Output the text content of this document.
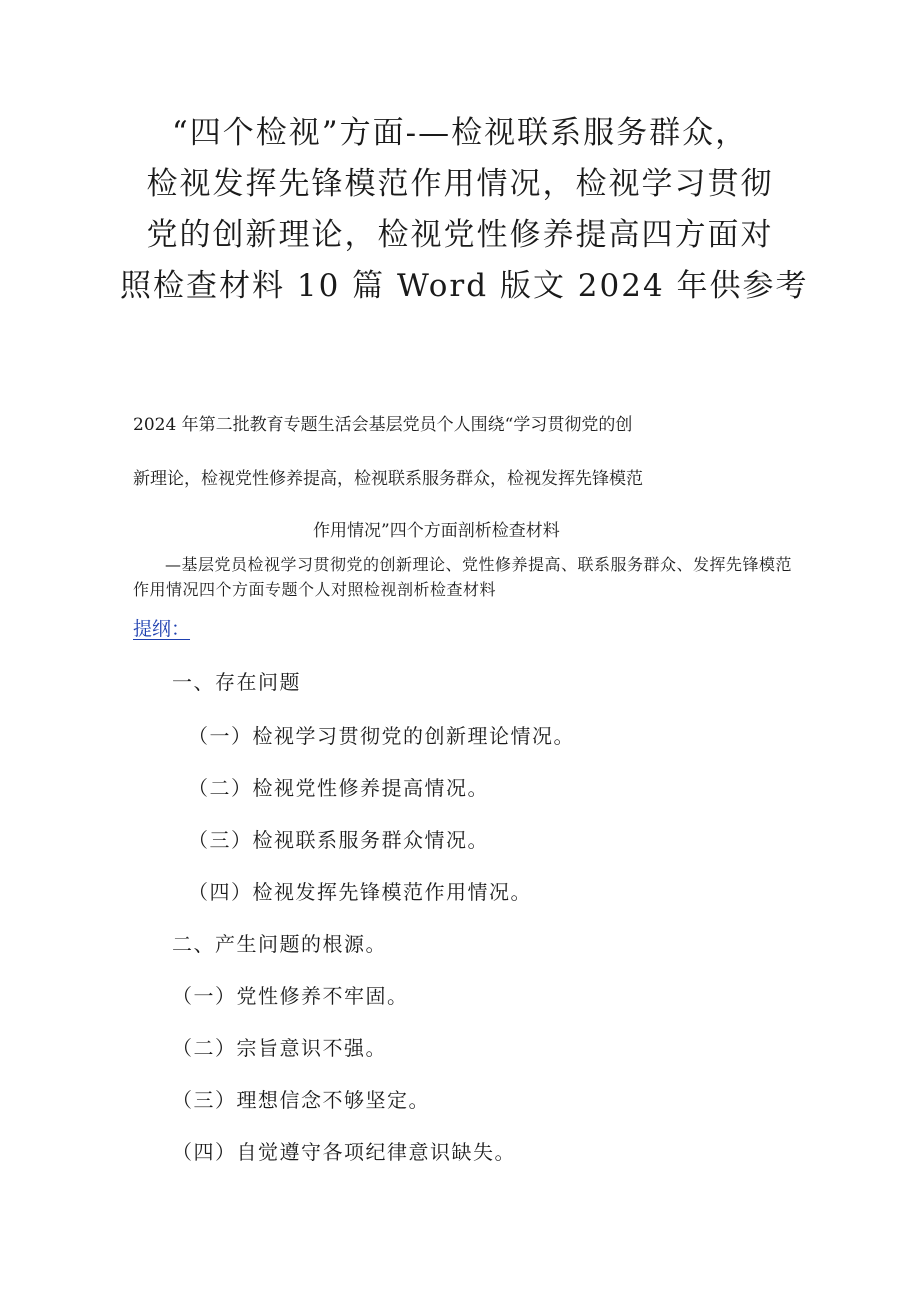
“四个检视”方面-—检视联系服务群众，
检视发挥先锋模范作用情况，检视学习贯彻
党的创新理论，检视党性修养提高四方面对
照检查材料 10 篇 Word 版文 2024 年供参考
2024 年第二批教育专题生活会基层党员个人围绕“学习贯彻党的创
新理论，检视党性修养提高，检视联系服务群众，检视发挥先锋模范
作用情况”四个方面剖析检查材料
—基层党员检视学习贯彻党的创新理论、党性修养提高、联系服务群众、发挥先锋模范作用情况四个方面专题个人对照检视剖析检查材料
提纲：
一、存在问题
（一）检视学习贯彻党的创新理论情况。
（二）检视党性修养提高情况。
（三）检视联系服务群众情况。
（四）检视发挥先锋模范作用情况。
二、产生问题的根源。
（一）党性修养不牢固。
（二）宗旨意识不强。
（三）理想信念不够坚定。
（四）自觉遵守各项纪律意识缺失。
